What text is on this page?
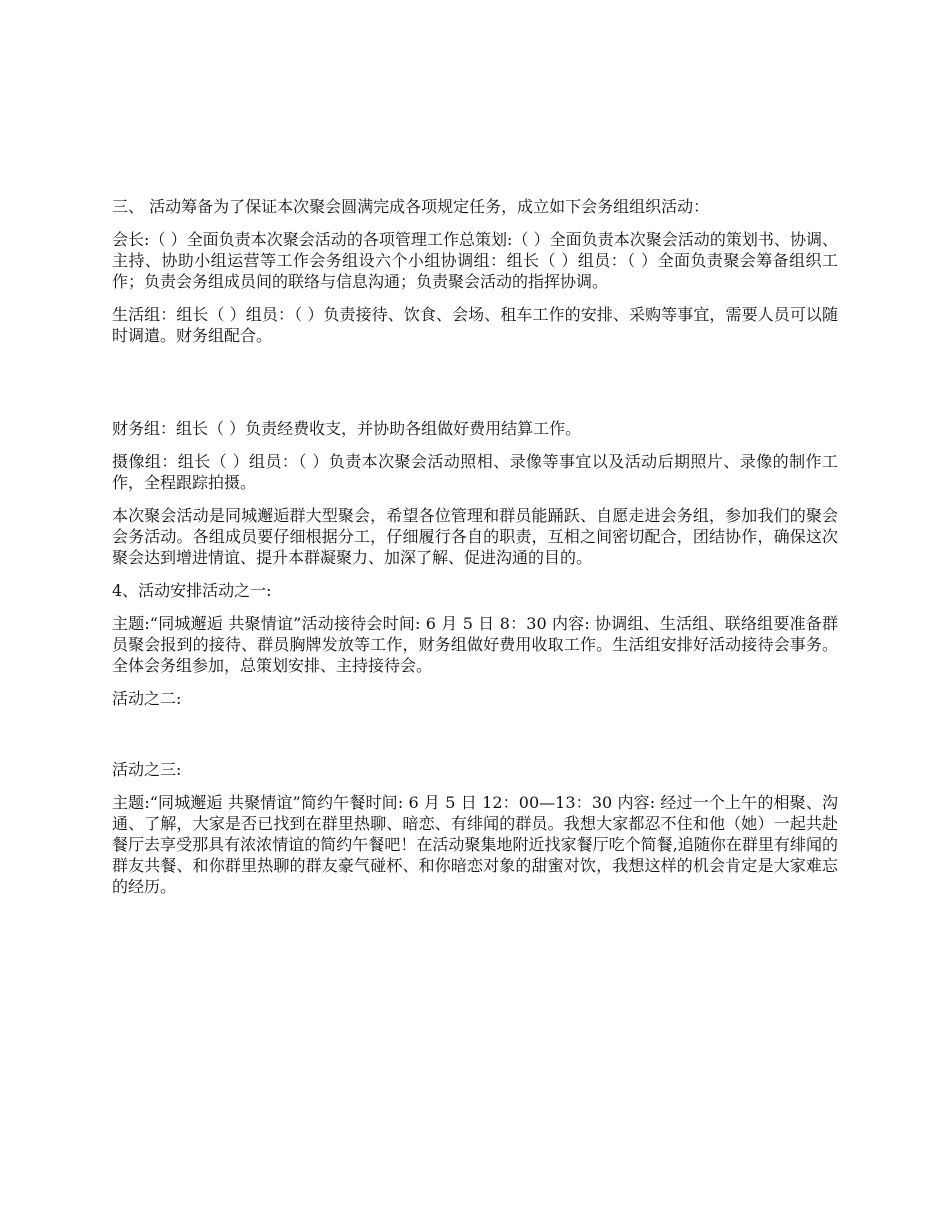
三、 活动筹备为了保证本次聚会圆满完成各项规定任务，成立如下会务组组织活动：

会长:（ ）全面负责本次聚会活动的各项管理工作总策划:（ ）全面负责本次聚会活动的策划书、协调、主持、协助小组运营等工作会务组设六个小组协调组：组长（ ）组员：（ ）全面负责聚会筹备组织工作；负责会务组成员间的联络与信息沟通；负责聚会活动的指挥协调。

生活组：组长（ ）组员：（ ）负责接待、饮食、会场、租车工作的安排、采购等事宜，需要人员可以随时调遣。财务组配合。

财务组：组长（ ）负责经费收支，并协助各组做好费用结算工作。

摄像组：组长（ ）组员：（ ）负责本次聚会活动照相、录像等事宜以及活动后期照片、录像的制作工作，全程跟踪拍摄。

本次聚会活动是同城邂逅群大型聚会，希望各位管理和群员能踊跃、自愿走进会务组，参加我们的聚会会务活动。各组成员要仔细根据分工，仔细履行各自的职责，互相之间密切配合，团结协作，确保这次聚会达到增进情谊、提升本群凝聚力、加深了解、促进沟通的目的。

4、活动安排活动之一:

主题:“同城邂逅 共聚情谊”活动接待会时间: 6 月 5 日 8：30 内容: 协调组、生活组、联络组要准备群员聚会报到的接待、群员胸牌发放等工作，财务组做好费用收取工作。生活组安排好活动接待会事务。全体会务组参加，总策划安排、主持接待会。

活动之二:

活动之三:

主题:“同城邂逅 共聚情谊”简约午餐时间: 6 月 5 日 12：00—13：30 内容: 经过一个上午的相聚、沟通、了解，大家是否已找到在群里热聊、暗恋、有绯闻的群员。我想大家都忍不住和他（她）一起共赴餐厅去享受那具有浓浓情谊的简约午餐吧！在活动聚集地附近找家餐厅吃个简餐,追随你在群里有绯闻的群友共餐、和你群里热聊的群友豪气碰杯、和你暗恋对象的甜蜜对饮，我想这样的机会肯定是大家难忘的经历。
